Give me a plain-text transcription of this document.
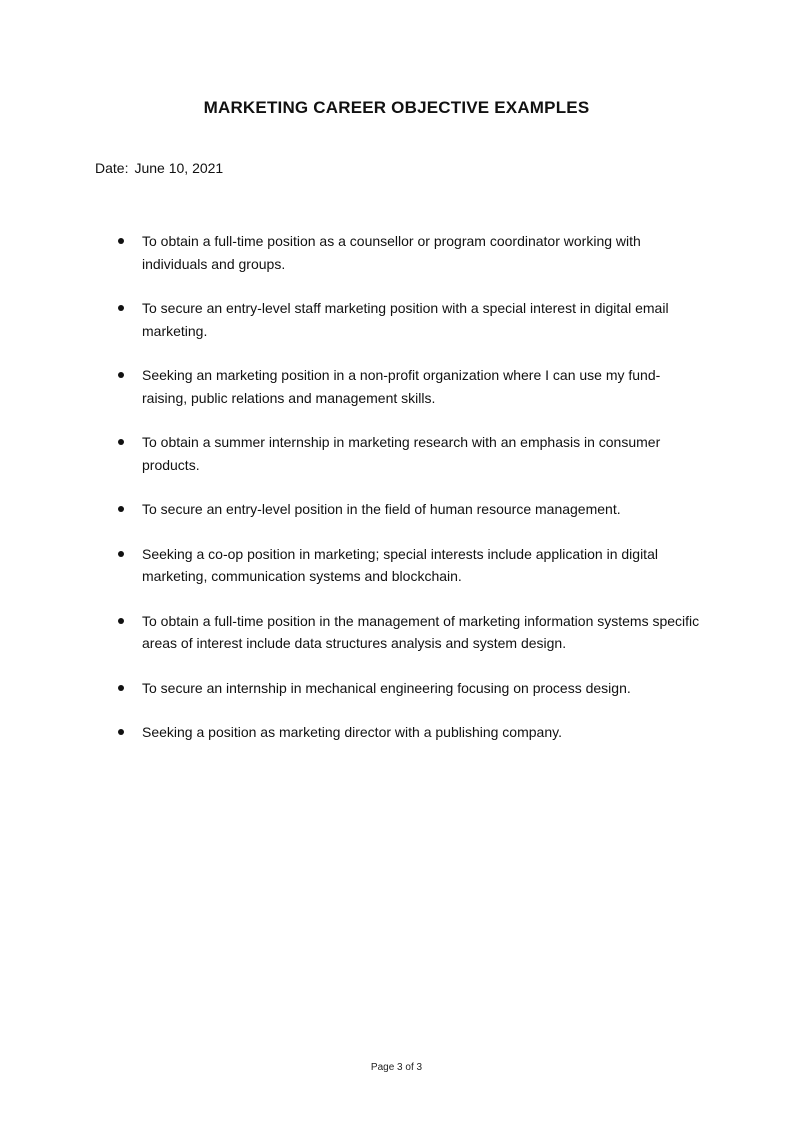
MARKETING CAREER OBJECTIVE EXAMPLES
Date: June 10, 2021
To obtain a full-time position as a counsellor or program coordinator working with individuals and groups.
To secure an entry-level staff marketing position with a special interest in digital email marketing.
Seeking an marketing position in a non-profit organization where I can use my fund-raising, public relations and management skills.
To obtain a summer internship in marketing research with an emphasis in consumer products.
To secure an entry-level position in the field of human resource management.
Seeking a co-op position in marketing; special interests include application in digital marketing, communication systems and blockchain.
To obtain a full-time position in the management of marketing information systems specific areas of interest include data structures analysis and system design.
To secure an internship in mechanical engineering focusing on process design.
Seeking a position as marketing director with a publishing company.
Page 3 of 3
